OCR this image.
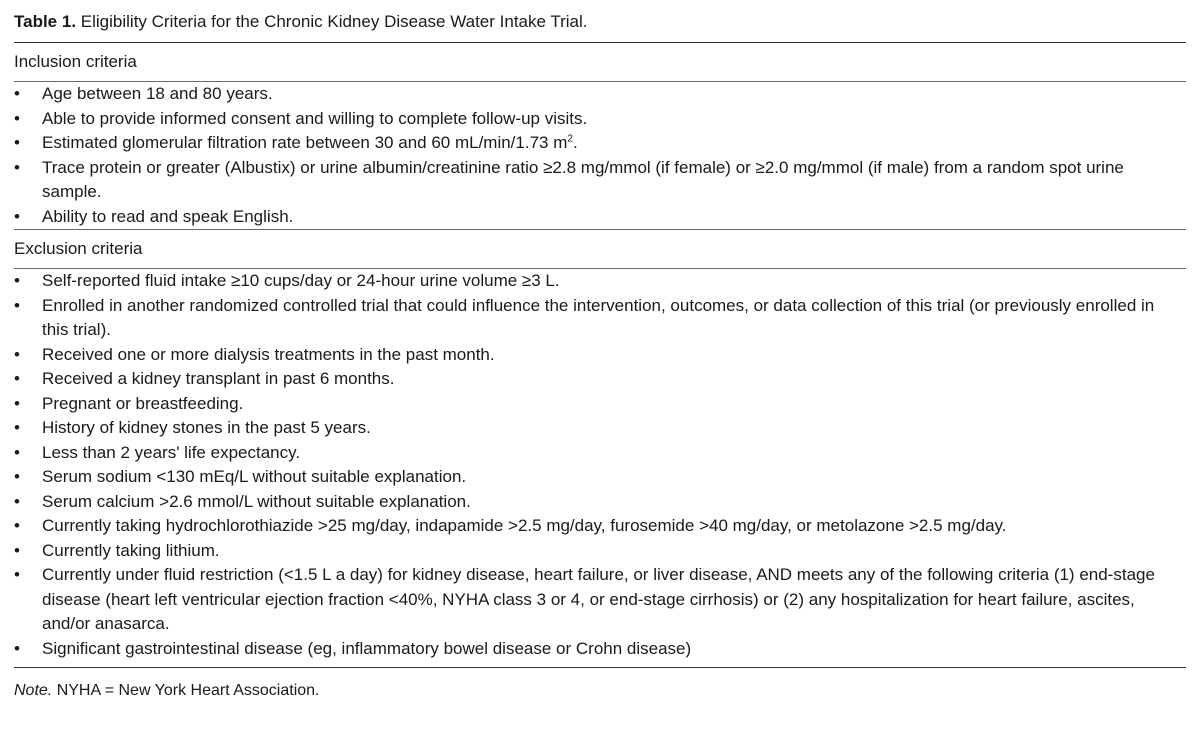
Table 1. Eligibility Criteria for the Chronic Kidney Disease Water Intake Trial.
Inclusion criteria
•	Age between 18 and 80 years.
•	Able to provide informed consent and willing to complete follow-up visits.
•	Estimated glomerular filtration rate between 30 and 60 mL/min/1.73 $m^2$.
•	Trace protein or greater (Albustix) or urine albumin/creatinine ratio ≥2.8 mg/mmol (if female) or ≥2.0 mg/mmol (if male) from a random spot urine sample.
•	Ability to read and speak English.
Exclusion criteria
•	Self-reported fluid intake ≥10 cups/day or 24-hour urine volume ≥3 L.
•	Enrolled in another randomized controlled trial that could influence the intervention, outcomes, or data collection of this trial (or previously enrolled in this trial).
•	Received one or more dialysis treatments in the past month.
•	Received a kidney transplant in past 6 months.
•	Pregnant or breastfeeding.
•	History of kidney stones in the past 5 years.
•	Less than 2 years' life expectancy.
•	Serum sodium <130 mEq/L without suitable explanation.
•	Serum calcium >2.6 mmol/L without suitable explanation.
•	Currently taking hydrochlorothiazide >25 mg/day, indapamide >2.5 mg/day, furosemide >40 mg/day, or metolazone >2.5 mg/day.
•	Currently taking lithium.
•	Currently under fluid restriction (<1.5 L a day) for kidney disease, heart failure, or liver disease, AND meets any of the following criteria (1) end-stage disease (heart left ventricular ejection fraction <40%, NYHA class 3 or 4, or end-stage cirrhosis) or (2) any hospitalization for heart failure, ascites, and/or anasarca.
•	Significant gastrointestinal disease (eg, inflammatory bowel disease or Crohn disease)
Note. NYHA = New York Heart Association.
